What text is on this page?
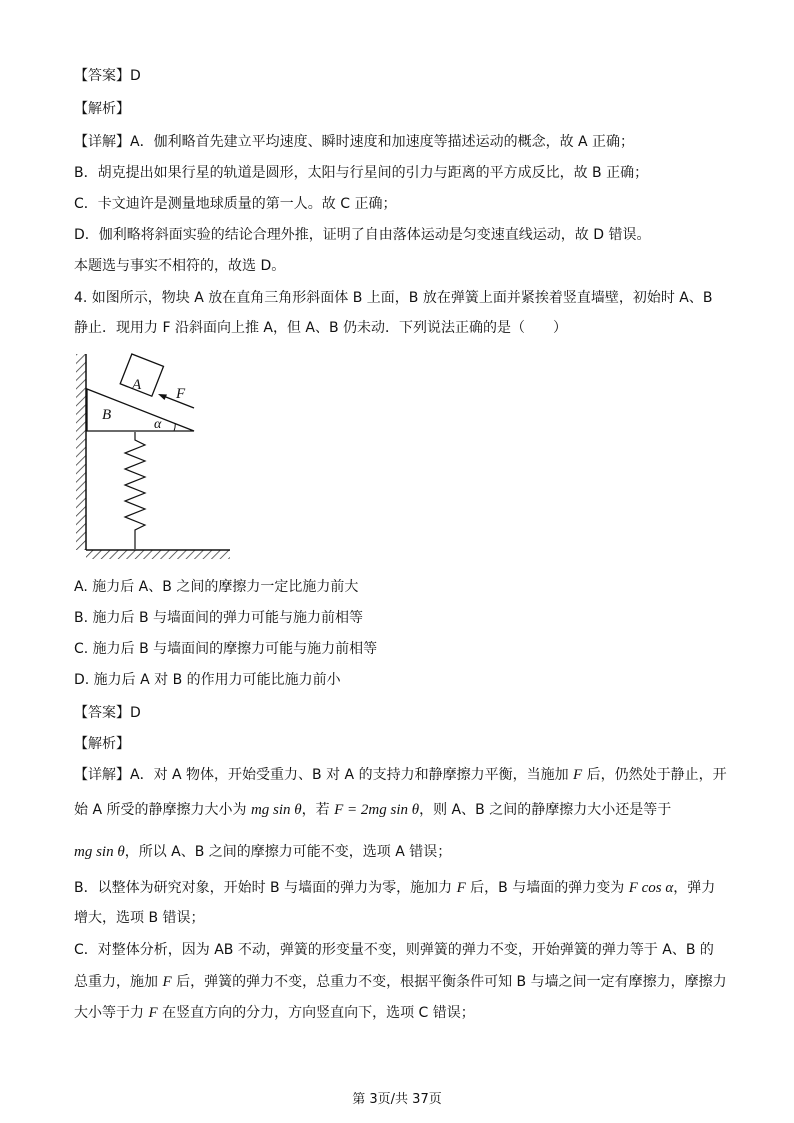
【答案】D
【解析】
【详解】A．伽利略首先建立平均速度、瞬时速度和加速度等描述运动的概念，故 A 正确；
B．胡克提出如果行星的轨道是圆形，太阳与行星间的引力与距离的平方成反比，故 B 正确；
C．卡文迪许是测量地球质量的第一人。故 C 正确；
D．伽利略将斜面实验的结论合理外推，证明了自由落体运动是匀变速直线运动，故 D 错误。
本题选与事实不相符的，故选 D。
4. 如图所示，物块 A 放在直角三角形斜面体 B 上面，B 放在弹簧上面并紧挨着竖直墙壁，初始时 A、B
静止．现用力 F 沿斜面向上推 A，但 A、B 仍未动．下列说法正确的是（　　）
A
B
F
α
A. 施力后 A、B 之间的摩擦力一定比施力前大
B. 施力后 B 与墙面间的弹力可能与施力前相等
C. 施力后 B 与墙面间的摩擦力可能与施力前相等
D. 施力后 A 对 B 的作用力可能比施力前小
【答案】D
【解析】
【详解】A．对 A 物体，开始受重力、B 对 A 的支持力和静摩擦力平衡，当施加 F 后，仍然处于静止，开
始 A 所受的静摩擦力大小为 mg sin θ，若 F = 2mg sin θ，则 A、B 之间的静摩擦力大小还是等于
mg sin θ，所以 A、B 之间的摩擦力可能不变，选项 A 错误；
B．以整体为研究对象，开始时 B 与墙面的弹力为零，施加力 F 后，B 与墙面的弹力变为 F cos α，弹力
增大，选项 B 错误；
C．对整体分析，因为 AB 不动，弹簧的形变量不变，则弹簧的弹力不变，开始弹簧的弹力等于 A、B 的
总重力，施加 F 后，弹簧的弹力不变，总重力不变，根据平衡条件可知 B 与墙之间一定有摩擦力，摩擦力
大小等于力 F 在竖直方向的分力，方向竖直向下，选项 C 错误；
第 3页/共 37页
